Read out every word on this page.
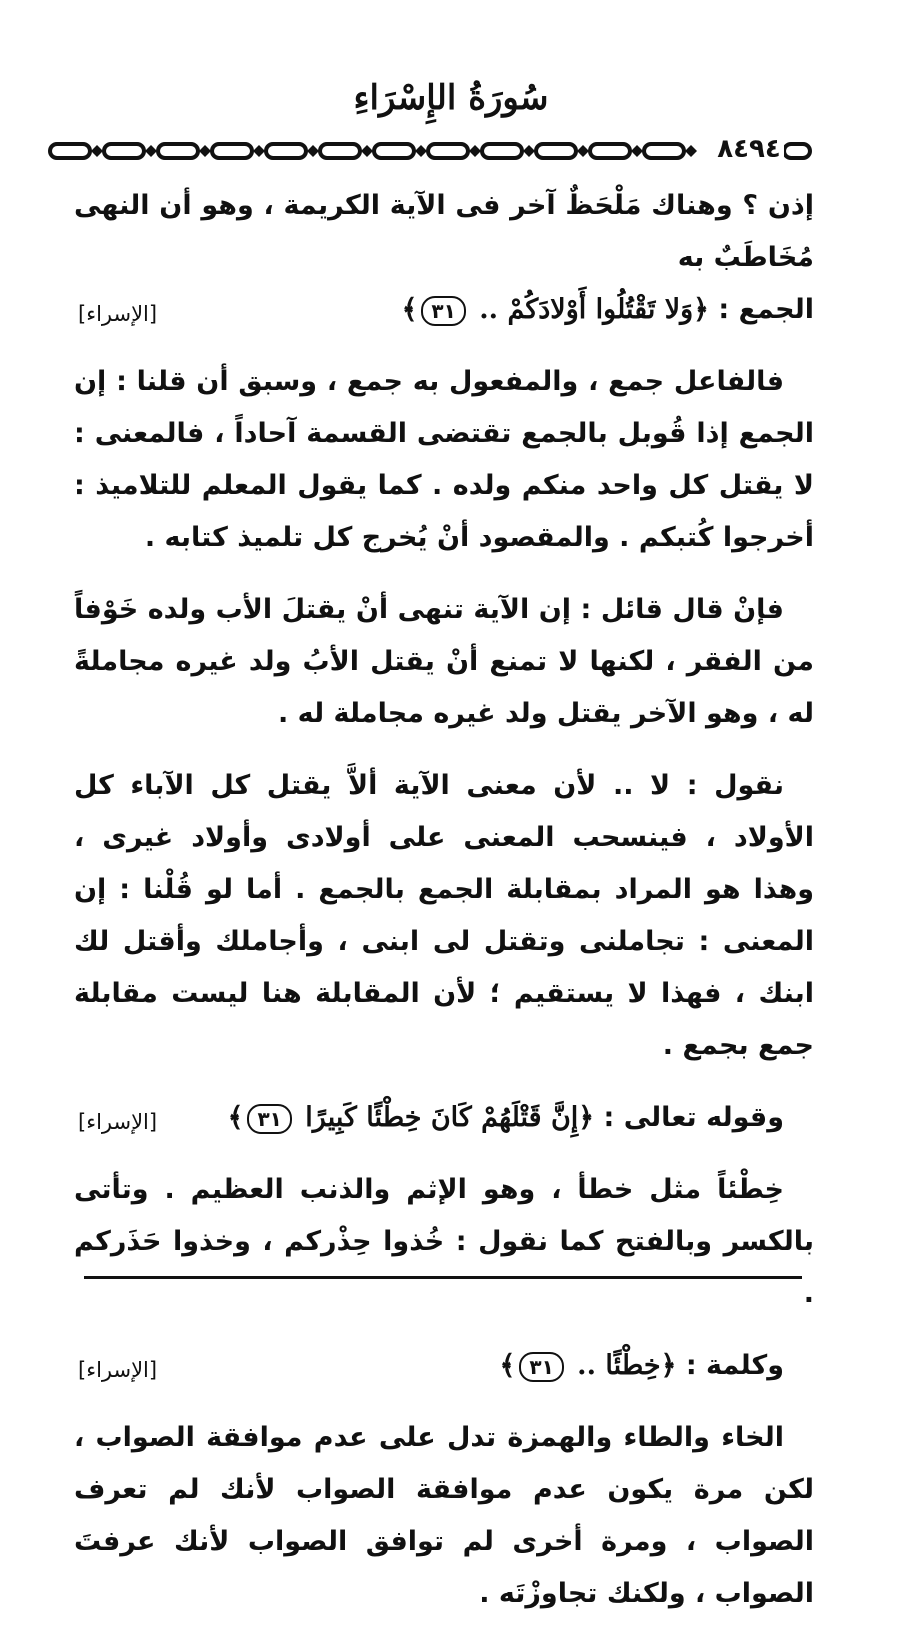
سُورَةُ الإِسْرَاءِ
٨٤٩٤
إذن ؟ وهناك مَلْحَظٌ آخر فى الآية الكريمة ، وهو أن النهى مُخَاطَبٌ به
الجمع : ﴿وَلا تَقْتُلُوا أَوْلادَكُمْ .. ٣١﴾
[الإسراء]
فالفاعل جمع ، والمفعول به جمع ، وسبق أن قلنا : إن الجمع إذا قُوبل بالجمع تقتضى القسمة آحاداً ، فالمعنى : لا يقتل كل واحد منكم ولده . كما يقول المعلم للتلاميذ : أخرجوا كُتبكم . والمقصود أنْ يُخرج كل تلميذ كتابه .
فإنْ قال قائل : إن الآية تنهى أنْ يقتلَ الأب ولده خَوْفاً من الفقر ، لكنها لا تمنع أنْ يقتل الأبُ ولد غيره مجاملةً له ، وهو الآخر يقتل ولد غيره مجاملة له .
نقول : لا .. لأن معنى الآية ألاَّ يقتل كل الآباء كل الأولاد ، فينسحب المعنى على أولادى وأولاد غيرى ، وهذا هو المراد بمقابلة الجمع بالجمع . أما لو قُلْنا : إن المعنى : تجاملنى وتقتل لى ابنى ، وأجاملك وأقتل لك ابنك ، فهذا لا يستقيم ؛ لأن المقابلة هنا ليست مقابلة جمع بجمع .
وقوله تعالى : ﴿إِنَّ قَتْلَهُمْ كَانَ خِطْئًا كَبِيرًا ٣١﴾
[الإسراء]
خِطْئاً مثل خطأ ، وهو الإثم والذنب العظيم . وتأتى بالكسر وبالفتح كما نقول : خُذوا حِذْركم ، وخذوا حَذَركم .
وكلمة : ﴿خِطْئًا .. ٣١﴾
[الإسراء]
الخاء والطاء والهمزة تدل على عدم موافقة الصواب ، لكن مرة يكون عدم موافقة الصواب لأنك لم تعرف الصواب ، ومرة أخرى لم توافق الصواب لأنك عرفتَ الصواب ، ولكنك تجاوزْتَه .
